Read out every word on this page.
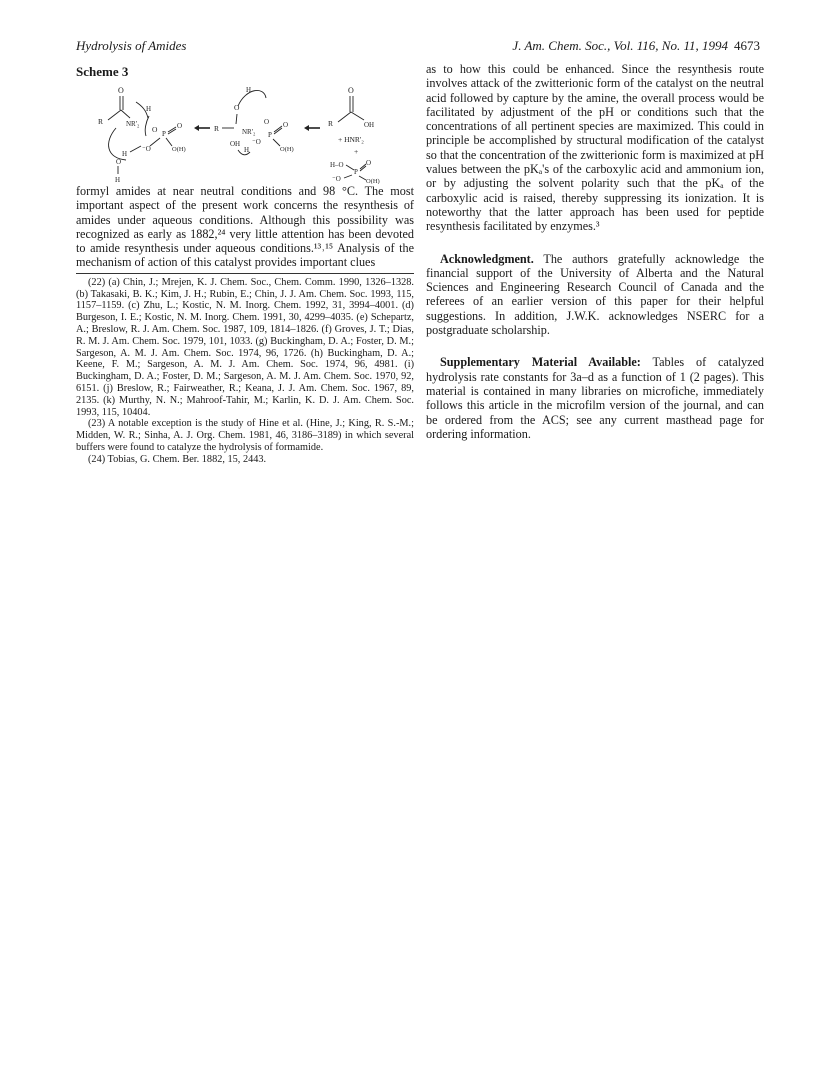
Hydrolysis of Amides	J. Am. Chem. Soc., Vol. 116, No. 11, 1994 4673
Scheme 3
O
R	NR'₂
H
O P
O
O(H)
⁻O
H
O
H
R
O
H
NR'₂
O
P
O
O(H)
⁻O
OH
H
O
R	OH
+ HNR'₂
+
H–O
P
O
O(H)
⁻O

formyl amides at near neutral conditions and 98 °C. The most important aspect of the present work concerns the resynthesis of amides under aqueous conditions. Although this possibility was recognized as early as 1882,²⁴ very little attention has been devoted to amide resynthesis under aqueous conditions.¹³˒¹⁵ Analysis of the mechanism of action of this catalyst provides important clues

(22) (a) Chin, J.; Mrejen, K. J. Chem. Soc., Chem. Comm. 1990, 1326–1328. (b) Takasaki, B. K.; Kim, J. H.; Rubin, E.; Chin, J. J. Am. Chem. Soc. 1993, 115, 1157–1159. (c) Zhu, L.; Kostic, N. M. Inorg. Chem. 1992, 31, 3994–4001. (d) Burgeson, I. E.; Kostic, N. M. Inorg. Chem. 1991, 30, 4299–4035. (e) Schepartz, A.; Breslow, R. J. Am. Chem. Soc. 1987, 109, 1814–1826. (f) Groves, J. T.; Dias, R. M. J. Am. Chem. Soc. 1979, 101, 1033. (g) Buckingham, D. A.; Foster, D. M.; Sargeson, A. M. J. Am. Chem. Soc. 1974, 96, 1726. (h) Buckingham, D. A.; Keene, F. M.; Sargeson, A. M. J. Am. Chem. Soc. 1974, 96, 4981. (i) Buckingham, D. A.; Foster, D. M.; Sargeson, A. M. J. Am. Chem. Soc. 1970, 92, 6151. (j) Breslow, R.; Fairweather, R.; Keana, J. J. Am. Chem. Soc. 1967, 89, 2135. (k) Murthy, N. N.; Mahroof-Tahir, M.; Karlin, K. D. J. Am. Chem. Soc. 1993, 115, 10404.

(23) A notable exception is the study of Hine et al. (Hine, J.; King, R. S.-M.; Midden, W. R.; Sinha, A. J. Org. Chem. 1981, 46, 3186–3189) in which several buffers were found to catalyze the hydrolysis of formamide.

(24) Tobias, G. Chem. Ber. 1882, 15, 2443.

as to how this could be enhanced. Since the resynthesis route involves attack of the zwitterionic form of the catalyst on the neutral acid followed by capture by the amine, the overall process would be facilitated by adjustment of the pH or conditions such that the concentrations of all pertinent species are maximized. This could in principle be accomplished by structural modification of the catalyst so that the concentration of the zwitterionic form is maximized at pH values between the pKₐ's of the carboxylic acid and ammonium ion, or by adjusting the solvent polarity such that the pKₐ of the carboxylic acid is raised, thereby suppressing its ionization. It is noteworthy that the latter approach has been used for peptide resynthesis facilitated by enzymes.³

Acknowledgment. The authors gratefully acknowledge the financial support of the University of Alberta and the Natural Sciences and Engineering Research Council of Canada and the referees of an earlier version of this paper for their helpful suggestions. In addition, J.W.K. acknowledges NSERC for a postgraduate scholarship.

Supplementary Material Available: Tables of catalyzed hydrolysis rate constants for 3a–d as a function of 1 (2 pages). This material is contained in many libraries on microfiche, immediately follows this article in the microfilm version of the journal, and can be ordered from the ACS; see any current masthead page for ordering information.
